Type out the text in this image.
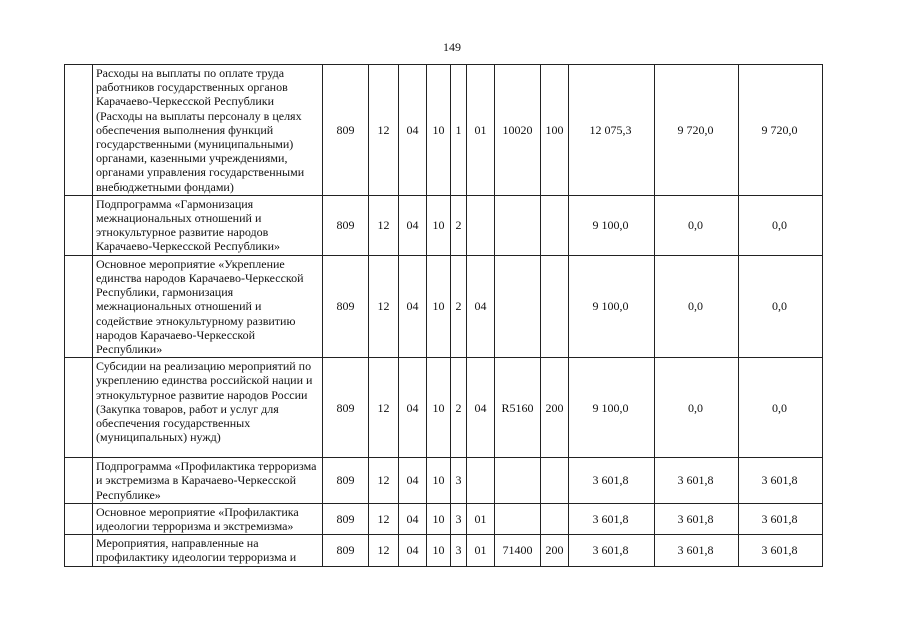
149
	Расходы на выплаты по оплате труда работников государственных органов Карачаево-Черкесской Республики (Расходы на выплаты персоналу в целях обеспечения выполнения функций государственными (муниципальными) органами, казенными учреждениями, органами управления государственными внебюджетными фондами)	809	12	04	10	1	01	10020	100	12 075,3	9 720,0	9 720,0
	Подпрограмма «Гармонизация межнациональных отношений и этнокультурное развитие народов Карачаево-Черкесской Республики»	809	12	04	10	2				9 100,0	0,0	0,0
	Основное мероприятие «Укрепление единства народов Карачаево-Черкесской Республики, гармонизация межнациональных отношений и содействие этнокультурному развитию народов Карачаево-Черкесской Республики»	809	12	04	10	2	04			9 100,0	0,0	0,0
	Субсидии на реализацию мероприятий по укреплению единства российской нации и этнокультурное развитие народов России (Закупка товаров, работ и услуг для обеспечения государственных (муниципальных) нужд)	809	12	04	10	2	04	R5160	200	9 100,0	0,0	0,0
	Подпрограмма «Профилактика терроризма и экстремизма в Карачаево-Черкесской Республике»	809	12	04	10	3				3 601,8	3 601,8	3 601,8
	Основное мероприятие «Профилактика идеологии терроризма и экстремизма»	809	12	04	10	3	01			3 601,8	3 601,8	3 601,8
	Мероприятия, направленные на профилактику идеологии терроризма и	809	12	04	10	3	01	71400	200	3 601,8	3 601,8	3 601,8
